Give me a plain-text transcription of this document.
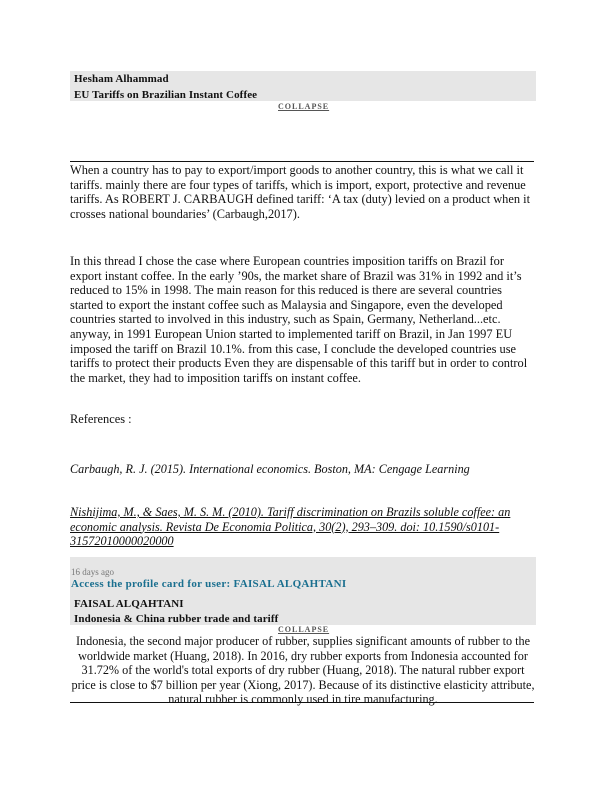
Hesham Alhammad
EU Tariffs on Brazilian Instant Coffee
COLLAPSE

When a country has to pay to export/import goods to another country, this is what we call it tariffs. mainly there are four types of tariffs, which is import, export, protective and revenue tariffs. As ROBERT J. CARBAUGH defined tariff: ‘A tax (duty) levied on a product when it crosses national boundaries’ (Carbaugh,2017).

In this thread I chose the case where European countries imposition tariffs on Brazil for export instant coffee. In the early ’90s, the market share of Brazil was 31% in 1992 and it’s reduced to 15% in 1998. The main reason for this reduced is there are several countries started to export the instant coffee such as Malaysia and Singapore, even the developed countries started to involved in this industry, such as Spain, Germany, Netherland...etc. anyway, in 1991 European Union started to implemented tariff on Brazil, in Jan 1997 EU imposed the tariff on Brazil 10.1%. from this case, I conclude the developed countries use tariffs to protect their products Even they are dispensable of this tariff but in order to control the market, they had to imposition tariffs on instant coffee.

References :

Carbaugh, R. J. (2015). International economics. Boston, MA: Cengage Learning

Nishijima, M., & Saes, M. S. M. (2010). Tariff discrimination on Brazils soluble coffee: an economic analysis. Revista De Economia Politica, 30(2), 293–309. doi: 10.1590/s0101-31572010000020000

16 days ago
Access the profile card for user: FAISAL ALQAHTANI
FAISAL ALQAHTANI
Indonesia & China rubber trade and tariff
COLLAPSE

Indonesia, the second major producer of rubber, supplies significant amounts of rubber to the worldwide market (Huang, 2018). In 2016, dry rubber exports from Indonesia accounted for 31.72% of the world's total exports of dry rubber (Huang, 2018). The natural rubber export price is close to $7 billion per year (Xiong, 2017). Because of its distinctive elasticity attribute, natural rubber is commonly used in tire manufacturing.
